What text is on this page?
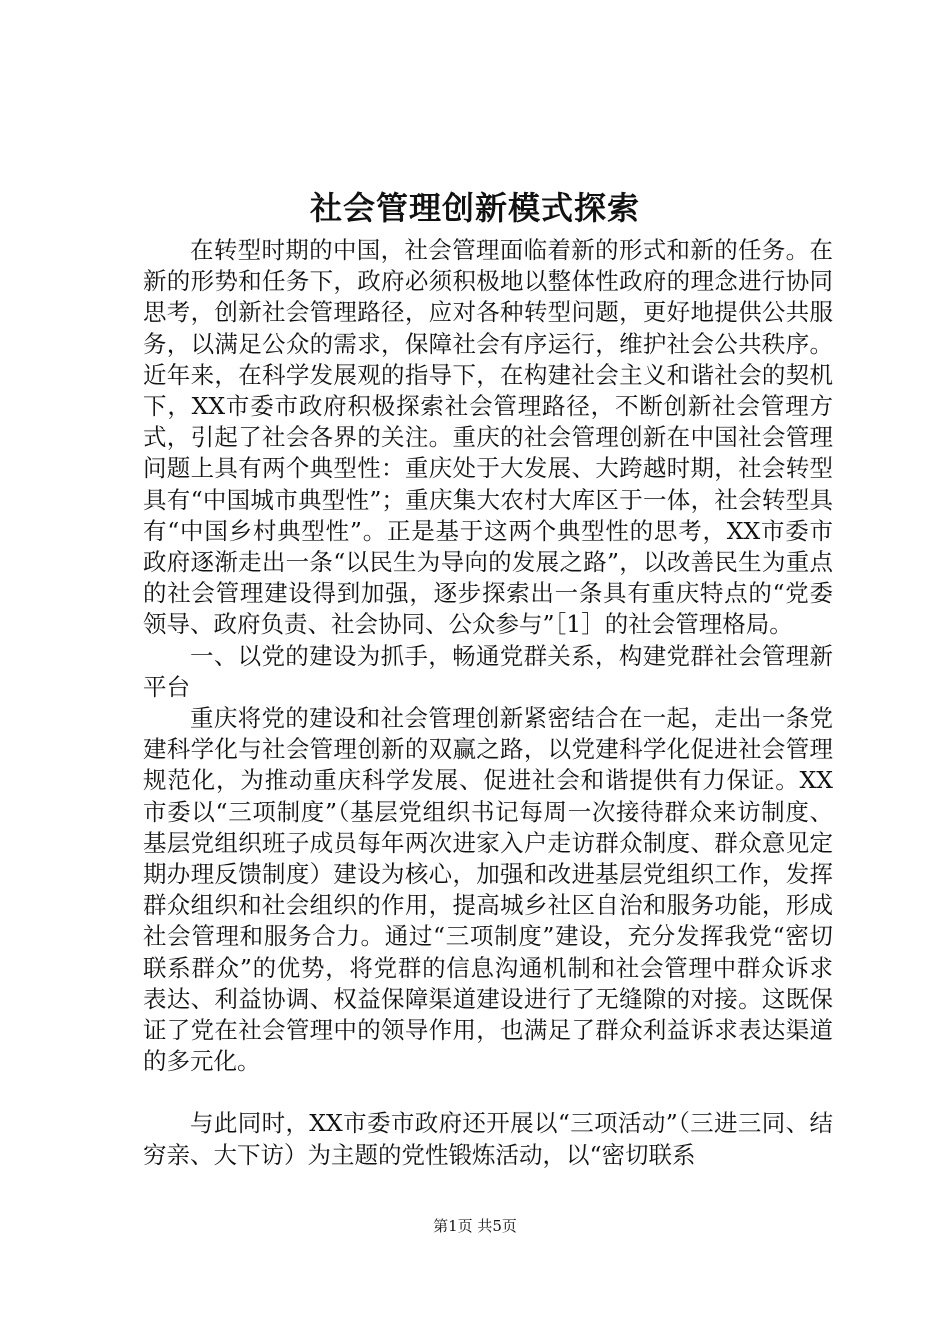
社会管理创新模式探索

在转型时期的中国，社会管理面临着新的形式和新的任务。在新的形势和任务下，政府必须积极地以整体性政府的理念进行协同思考，创新社会管理路径，应对各种转型问题，更好地提供公共服务，以满足公众的需求，保障社会有序运行，维护社会公共秩序。近年来，在科学发展观的指导下，在构建社会主义和谐社会的契机下，XX市委市政府积极探索社会管理路径，不断创新社会管理方式，引起了社会各界的关注。重庆的社会管理创新在中国社会管理问题上具有两个典型性：重庆处于大发展、大跨越时期，社会转型具有“中国城市典型性”；重庆集大农村大库区于一体，社会转型具有“中国乡村典型性”。正是基于这两个典型性的思考，XX市委市政府逐渐走出一条“以民生为导向的发展之路”，以改善民生为重点的社会管理建设得到加强，逐步探索出一条具有重庆特点的“党委领导、政府负责、社会协同、公众参与”［1］的社会管理格局。

一、以党的建设为抓手，畅通党群关系，构建党群社会管理新平台

重庆将党的建设和社会管理创新紧密结合在一起，走出一条党建科学化与社会管理创新的双赢之路，以党建科学化促进社会管理规范化，为推动重庆科学发展、促进社会和谐提供有力保证。XX市委以“三项制度”（基层党组织书记每周一次接待群众来访制度、基层党组织班子成员每年两次进家入户走访群众制度、群众意见定期办理反馈制度）建设为核心，加强和改进基层党组织工作，发挥群众组织和社会组织的作用，提高城乡社区自治和服务功能，形成社会管理和服务合力。通过“三项制度”建设，充分发挥我党“密切联系群众”的优势，将党群的信息沟通机制和社会管理中群众诉求表达、利益协调、权益保障渠道建设进行了无缝隙的对接。这既保证了党在社会管理中的领导作用，也满足了群众利益诉求表达渠道的多元化。

与此同时，XX市委市政府还开展以“三项活动”（三进三同、结穷亲、大下访）为主题的党性锻炼活动，以“密切联系

第1页 共5页
